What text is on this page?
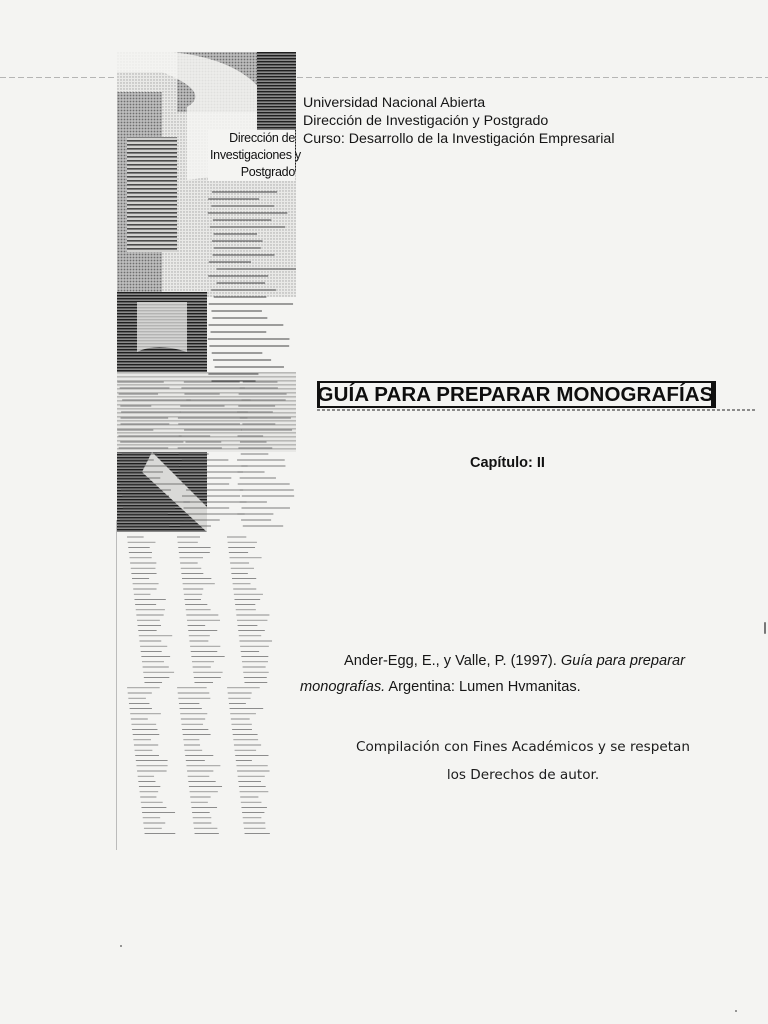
Dirección de
Investigaciones y
Postgrado
Universidad Nacional Abierta
Dirección de Investigación y Postgrado
Curso: Desarrollo de la Investigación Empresarial
GUÍA PARA PREPARAR MONOGRAFÍAS
Capítulo: II
Ander-Egg, E., y Valle, P. (1997). Guía para preparar
monografías. Argentina: Lumen Hvmanitas.
Compilación con Fines Académicos y se respetan
los Derechos de autor.
